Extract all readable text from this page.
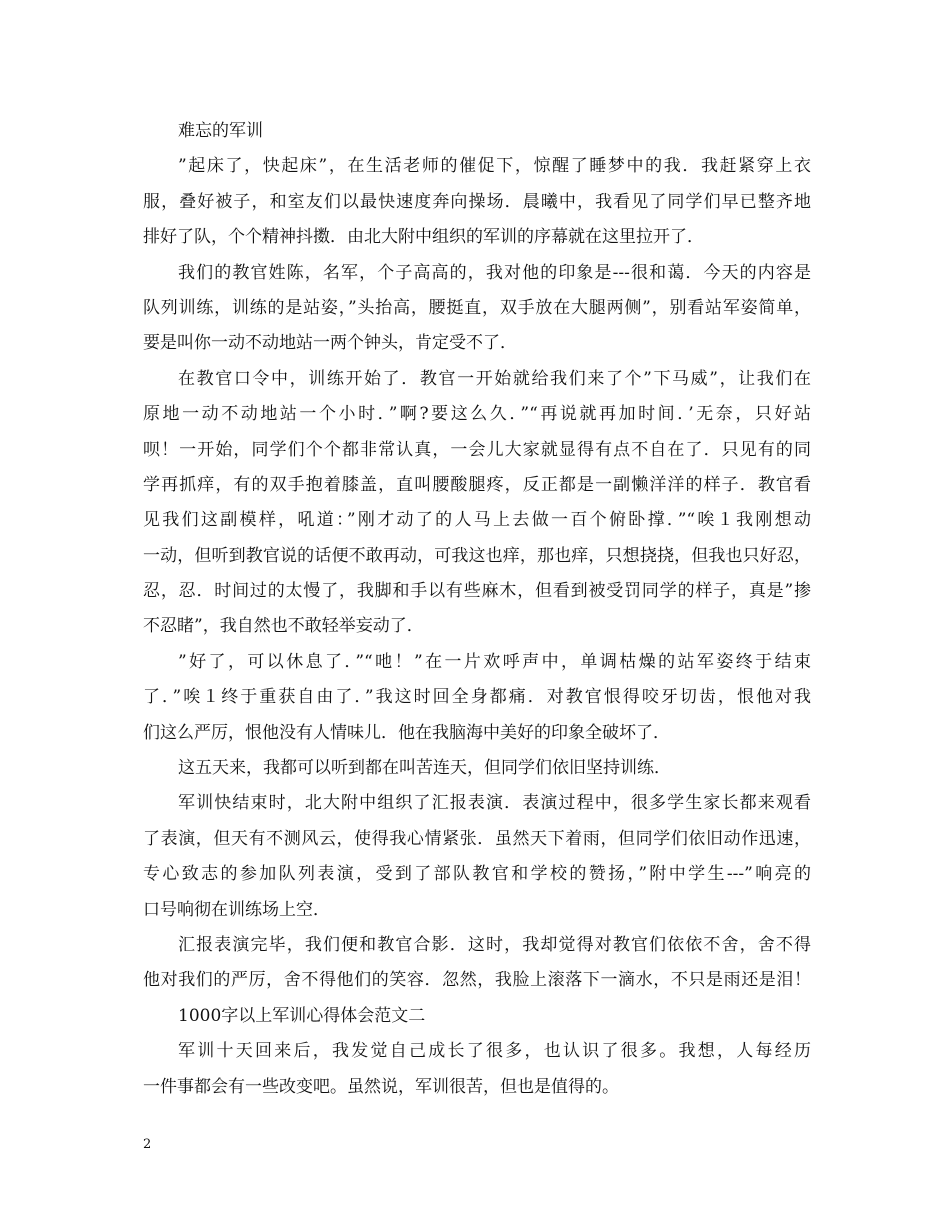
难忘的军训
”起床了，快起床”，在生活老师的催促下，惊醒了睡梦中的我．我赶紧穿上衣
服，叠好被子，和室友们以最快速度奔向操场．晨曦中，我看见了同学们早已整齐地
排好了队，个个精神抖擞．由北大附中组织的军训的序幕就在这里拉开了．
我们的教官姓陈，名军，个子高高的，我对他的印象是---很和蔼．今天的内容是
队列训练，训练的是站姿，”头抬高，腰挺直，双手放在大腿两侧”，别看站军姿简单，
要是叫你一动不动地站一两个钟头，肯定受不了．
在教官口令中，训练开始了．教官一开始就给我们来了个”下马威”，让我们在
原地一动不动地站一个小时．”啊?要这么久．”“再说就再加时间．’无奈，只好站
呗！一开始，同学们个个都非常认真，一会儿大家就显得有点不自在了．只见有的同
学再抓痒，有的双手抱着膝盖，直叫腰酸腿疼，反正都是一副懒洋洋的样子．教官看
见我们这副模样，吼道：”刚才动了的人马上去做一百个俯卧撑．”“唉１我刚想动
一动，但听到教官说的话便不敢再动，可我这也痒，那也痒，只想挠挠，但我也只好忍，
忍，忍．时间过的太慢了，我脚和手以有些麻木，但看到被受罚同学的样子，真是”掺
不忍睹”，我自然也不敢轻举妄动了．
”好了，可以休息了．”“吔！”在一片欢呼声中，单调枯燥的站军姿终于结束
了．”唉１终于重获自由了．”我这时回全身都痛．对教官恨得咬牙切齿，恨他对我
们这么严厉，恨他没有人情味儿．他在我脑海中美好的印象全破坏了．
这五天来，我都可以听到都在叫苦连天，但同学们依旧坚持训练．
军训快结束时，北大附中组织了汇报表演．表演过程中，很多学生家长都来观看
了表演，但天有不测风云，使得我心情紧张．虽然天下着雨，但同学们依旧动作迅速，
专心致志的参加队列表演，受到了部队教官和学校的赞扬，”附中学生---”响亮的
口号响彻在训练场上空．
汇报表演完毕，我们便和教官合影．这时，我却觉得对教官们依依不舍，舍不得
他对我们的严厉，舍不得他们的笑容．忽然，我脸上滚落下一滴水，不只是雨还是泪！
1000字以上军训心得体会范文二
军训十天回来后，我发觉自己成长了很多，也认识了很多。我想，人每经历
一件事都会有一些改变吧。虽然说，军训很苦，但也是值得的。
2
